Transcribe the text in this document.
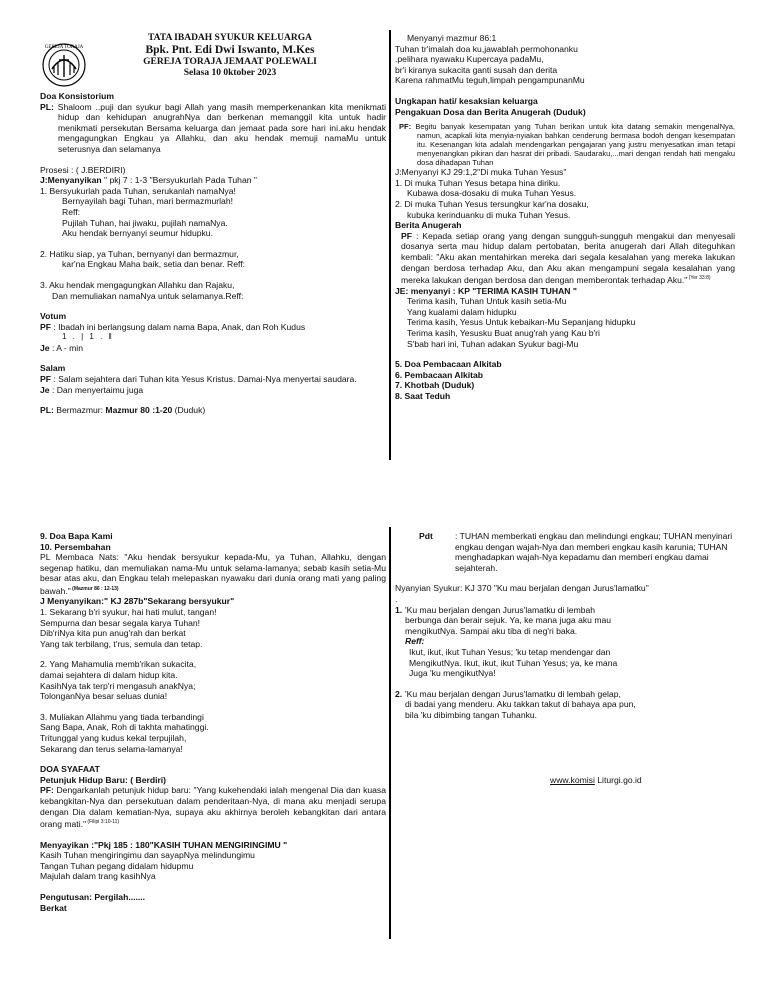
GEREJA TORAJA
TATA IBADAH SYUKUR KELUARGA
Bpk. Pnt. Edi Dwi Iswanto, M.Kes
GEREJA TORAJA JEMAAT POLEWALI
Selasa 10 0ktober 2023
Doa Konsistorium
PL: Shaloom ..puji dan syukur bagi Allah yang masih memperkenankan kita menikmati hidup dan kehidupan anugrahNya dan berkenan memanggil kita untuk hadir menikmati persekutan Bersama keluarga dan jemaat pada sore hari ini.aku hendak mengagungkan Engkau ya Allahku, dan aku hendak memuji namaMu untuk seterusnya dan selamanya
Prosesi : ( J.BERDIRI)
J:Menyanyikan " pkj 7 : 1-3 "Bersyukurlah Pada Tuhan "
1. Bersyukurlah pada Tuhan, serukanlah namaNya!
Bernyayilah bagi Tuhan, mari bermazmurlah!
Reff:
Pujilah Tuhan, hai jiwaku, pujilah namaNya.
Aku hendak bernyanyi seumur hidupku.
2. Hatiku siap, ya Tuhan, bernyanyi dan bermazmur,
kar'na Engkau Maha baik, setia dan benar. Reff:
3. Aku hendak mengagungkan Allahku dan Rajaku,
Dan memuliakan namaNya untuk selamanya.Reff:
Votum
PF : Ibadah ini berlangsung dalam nama Bapa, Anak, dan Roh Kudus
1 . | 1 . ‖
Je : A - min
Salam
PF : Salam sejahtera dari Tuhan kita Yesus Kristus. Damai-Nya menyertai saudara.
Je : Dan menyertaimu juga
PL: Bermazmur: Mazmur 80 :1-20 (Duduk)
Menyanyi mazmur 86:1
Tuhan tr'imalah doa ku,jawablah permohonanku
.pelihara nyawaku Kupercaya padaMu,
br'i kiranya sukacita ganti susah dan derita
Karena rahmatMu teguh,limpah pengampunanMu
Ungkapan hati/ kesaksian keluarga
Pengakuan Dosa dan Berita Anugerah (Duduk)
PF: Begitu banyak kesempatan yang Tuhan berikan untuk kita datang semakin mengenalNya, namun, acapkali kita menyia-nyiakan bahkan cenderung bermasa bodoh dengan kesempatan itu. Kesenangan kita adalah mendengarkan pengajaran yang justru menyesatkan iman tetapi menyenangkan pikiran dan hasrat diri pribadi. Saudaraku,...mari dengan rendah hati mengaku dosa dihadapan Tuhan
J:Menyanyi KJ 29:1,2"Di muka Tuhan Yesus"
1. Di muka Tuhan Yesus betapa hina diriku.
Kubawa dosa-dosaku di muka Tuhan Yesus.
2. Di muka Tuhan Yesus tersungkur kar'na dosaku,
kubuka kerinduanku di muka Tuhan Yesus.
Berita Anugerah
PF : Kepada setiap orang yang dengan sungguh-sungguh mengakui dan menyesali dosanya serta mau hidup dalam pertobatan, berita anugerah dari Allah diteguhkan kembali: "Aku akan mentahirkan mereka dari segala kesalahan yang mereka lakukan dengan berdosa terhadap Aku, dan Aku akan mengampuni segala kesalahan yang mereka lakukan dengan berdosa dan dengan memberontak terhadap Aku." $^{(Yer 33:8)}$
JE: menyanyi : KP "TERIMA KASIH TUHAN "
Terima kasih, Tuhan Untuk kasih setia-Mu
Yang kualami dalam hidupku
Terima kasih, Yesus Untuk kebaikan-Mu Sepanjang hidupku
Terima kasih, Yesusku Buat anug'rah yang Kau b'ri
S'bab hari ini, Tuhan adakan Syukur bagi-Mu
5. Doa Pembacaan Alkitab
6. Pembacaan Alkitab
7. Khotbah (Duduk)
8. Saat Teduh
9. Doa Bapa Kami
10. Persembahan
PL Membaca Nats: "Aku hendak bersyukur kepada-Mu, ya Tuhan, Allahku, dengan segenap hatiku, dan memuliakan nama-Mu untuk selama-lamanya; sebab kasih setia-Mu besar atas aku, dan Engkau telah melepaskan nyawaku dari dunia orang mati yang paling bawah." $^{(Mazmur 86 : 12-13)}$
J Menyanyikan:" KJ 287b"Sekarang bersyukur"
1. Sekarang b'ri syukur, hai hati mulut, tangan!
Sempurna dan besar segala karya Tuhan!
Dib'riNya kita pun anug'rah dan berkat
Yang tak terbilang, t'rus, semula dan tetap.
2. Yang Mahamulia memb'rikan sukacita,
damai sejahtera di dalam hidup kita.
KasihNya tak terp'ri mengasuh anakNya;
TolonganNya besar seluas dunia!
3. Muliakan Allahmu yang tiada terbandingi
Sang Bapa, Anak, Roh di takhta mahatinggi.
Tritunggal yang kudus kekal terpujilah,
Sekarang dan terus selama-lamanya!
DOA SYAFAAT
Petunjuk Hidup Baru: ( Berdiri)
PF: Dengarkanlah petunjuk hidup baru: "Yang kukehendaki ialah mengenal Dia dan kuasa kebangkitan-Nya dan persekutuan dalam penderitaan-Nya, di mana aku menjadi serupa dengan Dia dalam kematian-Nya, supaya aku akhirnya beroleh kebangkitan dari antara orang mati." $^{(Filipi 3:10-11)}$
Menyayikan :"Pkj 185 : 180"KASIH TUHAN MENGIRINGIMU "
Kasih Tuhan mengiringimu dan sayapNya melindungimu
Tangan Tuhan pegang didalam hidupmu
Majulah dalam trang kasihNya
Pengutusan: Pergilah.......
Berkat
Pdt	: TUHAN memberkati engkau dan melindungi engkau; TUHAN menyinari engkau dengan wajah-Nya dan memberi engkau kasih karunia; TUHAN menghadapkan wajah-Nya kepadamu dan memberi engkau damai sejahterah.
Nyanyian Syukur: KJ 370 "Ku mau berjalan dengan Jurus'lamatku"
.
1. 'Ku mau berjalan dengan Jurus'lamatku di lembah
berbunga dan berair sejuk. Ya, ke mana juga aku mau
mengikutNya. Sampai aku tiba di neg'ri baka.
Reff:
Ikut, ikut, ikut Tuhan Yesus; 'ku tetap mendengar dan
MengikutNya. Ikut, ikut, ikut Tuhan Yesus; ya, ke mana
Juga 'ku mengikutNya!
2. 'Ku mau berjalan dengan Jurus'lamatku di lembah gelap,
di badai yang menderu. Aku takkan takut di bahaya apa pun,
bila 'ku dibimbing tangan Tuhanku.
www.komisi Liturgi.go.id
